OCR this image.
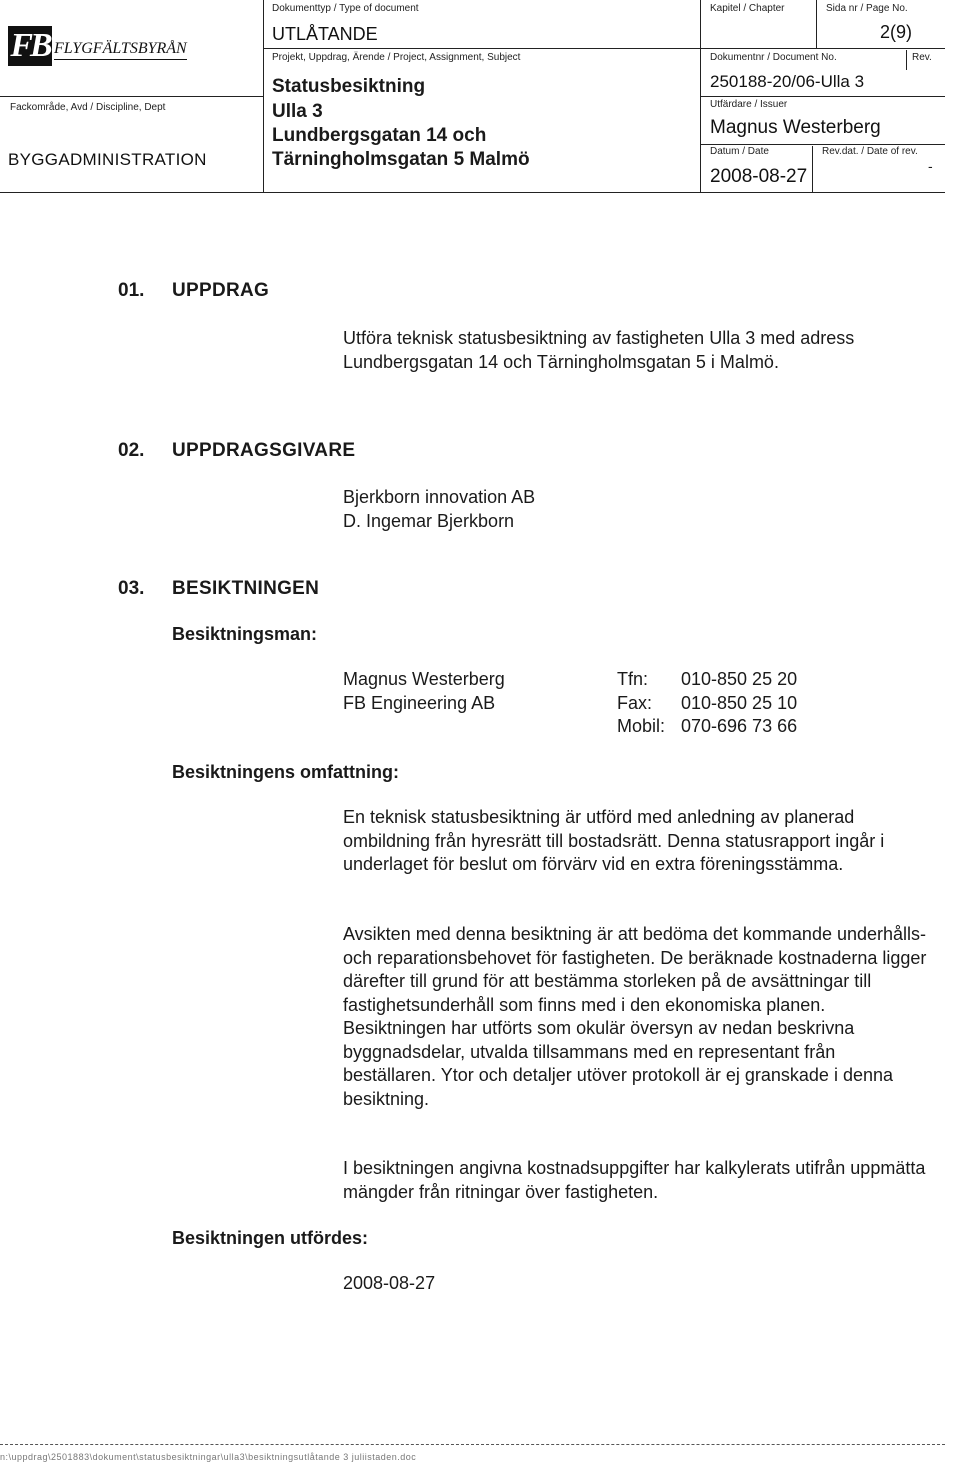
FB FLYGFÄLTSBYRÅN
Fackområde, Avd / Discipline, Dept
BYGGADMINISTRATION
Dokumenttyp / Type of document
UTLÅTANDE
Projekt, Uppdrag, Ärende / Project, Assignment, Subject
Statusbesiktning
Ulla 3
Lundbergsgatan 14 och
Tärningholmsgatan 5 Malmö
Kapitel / Chapter	Sida nr / Page No.
2(9)
Dokumentnr / Document No.	Rev.
250188-20/06-Ulla 3
Utfärdare / Issuer
Magnus Westerberg
Datum / Date
2008-08-27
Rev.dat. / Date of rev.
-
01. UPPDRAG

Utföra teknisk statusbesiktning av fastigheten Ulla 3 med adress Lundbergsgatan 14 och Tärningholmsgatan 5 i Malmö.

02. UPPDRAGSGIVARE
Bjerkborn innovation AB
D. Ingemar Bjerkborn
03. BESIKTNINGEN
Besiktningsman:
Magnus Westerberg
FB Engineering AB
Tfn: 010-850 25 20
Fax: 010-850 25 10
Mobil: 070-696 73 66
Besiktningens omfattning:

En teknisk statusbesiktning är utförd med anledning av planerad ombildning från hyresrätt till bostadsrätt. Denna statusrapport ingår i underlaget för beslut om förvärv vid en extra föreningsstämma.

Avsikten med denna besiktning är att bedöma det kommande underhålls- och reparationsbehovet för fastigheten. De beräknade kostnaderna ligger därefter till grund för att bestämma storleken på de avsättningar till fastighetsunderhåll som finns med i den ekonomiska planen. Besiktningen har utförts som okulär översyn av nedan beskrivna byggnadsdelar, utvalda tillsammans med en representant från beställaren. Ytor och detaljer utöver protokoll är ej granskade i denna besiktning.

I besiktningen angivna kostnadsuppgifter har kalkylerats utifrån uppmätta mängder från ritningar över fastigheten.

Besiktningen utfördes:
2008-08-27
n:\uppdrag\2501883\dokument\statusbesiktningar\ulla3\besiktningsutlåtande 3 juliistaden.doc
